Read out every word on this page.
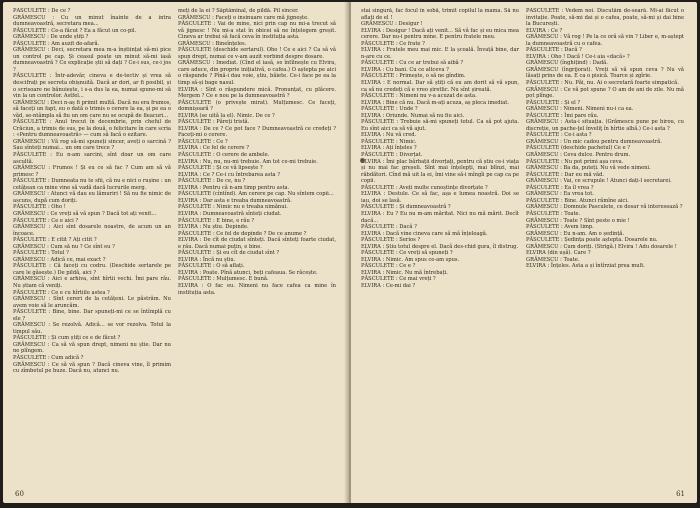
PĂSCULETE : De ce ?

GRĂMESCU : Cu un minut înainte de a intra dumneavoastră, secretara mea...

PĂSCULETE : Ce-a făcut ? Ea a făcut un co-pil.

GRĂMESCU : De unde știți ?

PĂSCULETE : Am auzit de-afară.

GRĂMESCU : Deci, secretara mea m-a înștiințat să-mi pice un control pe cap. Și ceasul poate un minut să-mi iasă dumneavoastră ? Ce explicație știi să dați ? Ce-i sus, ce-i jos ?

PĂSCULETE : Într-adevăr, cineva e de-tectiv și vrea să descifrați pe secreta obișnuită. Dacă ar dori, ar fi posibil, și o scrisoare ne bănuiește, i s-a dus la ea, numai spune-mi să vin la un controlor. Astfel...

GRĂMESCU : Deci n-aș fi primit multă. Dacă nu era frumos, să faceți un fapt, eu o dată o trimis o cerere la ea, și pe ea o văd, se-ntâmpla să fiu un om care nu se ocupă de fleacuri...

PĂSCULETE : Anul trecut în decembrie, prin cheful de Crăciun, a trimis de sus, pe la două, o felicitare în care scria : «Pentru dumneavoastră» — cum să facă o ezitare.

GRĂMESCU : Vă rog să-mi spuneți sincer, aveți o sarcină ? Sau sînteți numai... un om care trece ?

PĂSCULETE : Eu n-am sarcini, sînt doar un om care ascultă.

GRĂMESCU : Frumos ! Și eu ce să fac ? Cum am să vă primesc ?

PĂSCULETE : Dumneata nu te sfii, că nu e nici o rușine : un cetățean ca mine vine să vadă dacă lucrurile merg.

GRĂMESCU : Atunci vă dau eu lămuriri ! Să nu fie nimic de ascuns, după cum doriți.

PĂSCULETE : Oho !

GRĂMESCU : Ce vreți să vă spun ? Dacă tot ați venit...

PĂSCULETE : Ce e aici ?

GRĂMESCU : Aici sînt dosarele noastre, de acum un an încoace.

PĂSCULETE : E citit ? Ați citit ?

GRĂMESCU : Cum să nu ? Ce sînt eu ?

PĂSCULETE : Totul ?

GRĂMESCU : Adică ce, mai exact ?

PĂSCULETE : Că faceți cu codru. (Deschide sertarele pe care le găsește.) De pildă, aici ?

GRĂMESCU : Aici e arhiva, sînt hîrtii vechi. Îmi pare rău. Nu știam că veniți.

PĂSCULETE : Ce e cu hîrtiile astea ?

GRĂMESCU : Sînt cereri de la cetățeni. Le păstrăm. Nu avem voie să le aruncăm.

PĂSCULETE : Bine, bine. Dar spuneți-mi ce se întîmplă cu ele ?

GRĂMESCU : Se rezolvă. Adică... se vor rezolva. Totul la timpul său.

PĂSCULETE : Și cum știți ce e de făcut ?

GRĂMESCU : Ca să vă spun drept, nimeni nu știe. Dar nu ne plîngem.

PĂSCULETE : Cum adică ?

GRĂMESCU : Ce să vă spun ? Dacă cineva vine, îl primim cu zîmbetul pe buze. Dacă nu, atunci nu.

meți de la ei ? Săptămînal, de pildă. Pil sincer.

GRĂMESCU : Faceți o insinuare care mă jignește.

PĂSCULETE : Vai de mine, nici prin cap nu mi-a trecut să vă jignesc ! Nu mi-a stat în obicei să ne înțelegem greșit. Cineva ar trebui să facă ceva în instituția asta.

GRĂMESCU : Bineînțeles.

PĂSCULETE (deschide sertarul). Oho ! Ce e aici ? Ca să vă spun drept, numai ce v-am auzit vorbind despre dosare.

GRĂMESCU : Imediat. (Cînd el iasă, se întîlnește cu Elvira, care aduce, din proprie inițiativă, o cafea.) O aștepta pe aici o răspunde ? Pînă-i dau voie, știu, băiete. Ce-i face pe ea la timp să-și bage nasul.

ELVIRA : Sînt o răspundere mică. Pronunțat, cu plăcere. Mergem ? Ce e nou pe la dumneavoastră ?

PĂSCULETE (o privește mirat). Mulțumesc. Ce faceți, domnișoară ?

ELVIRA (se uită la el). Nimic. De ce ?

PĂSCULETE : Păreți tristă.

ELVIRA : De ce ? Ce pot face ? Dumneavoastră ce credeți ? Faceți-mi o cerere.

PĂSCULETE : Ce ?

ELVIRA : Ce fel de cerere ?

PĂSCULETE : O cerere de ambele.

ELVIRA : Nu, nu, nu-mi trebuie. Am tot ce-mi trebuie.

PĂSCULETE : Și ce vă lipsește ?

ELVIRA : Ce ? Ce-i cu întrebarea asta ?

PĂSCULETE : De ce, nu ?

ELVIRA : Pentru că n-am timp pentru asta.

PĂSCULETE (cîntînd). Am cerere pe cap. Nu sîntem copii...

ELVIRA : Dar asta e treaba dumneavoastră.

PĂSCULETE : Nimic nu e treaba nimănui.

ELVIRA : Dumneavoastră sînteți ciudat.

PĂSCULETE : E bine, e rău ?

ELVIRA : Nu știu. Depinde.

PĂSCULETE : Ce fel de depinde ? De ce anume ?

ELVIRA : De cît de ciudat sînteți. Dacă sînteți foarte ciudat, e rău. Dacă numai puțin, e bine.

PĂSCULETE : Și eu cît de ciudat sînt ?

ELVIRA : Încă nu știu.

PĂSCULETE : O să aflați.

ELVIRA : Poate. Pînă atunci, beți cafeaua. Se răcește.

PĂSCULETE : Mulțumesc. E bună.

ELVIRA : O fac eu. Nimeni nu face cafea ca mine în instituția asta.

60

stai singură, fac focul în sobă, trimit copilul la mama. Să nu aflați de el !

GRĂMESCU : Desigur !

ELVIRA : Desigur ! Dacă ați venit... Să vă fac și eu mica mea cerere. Dar nu-i pentru mine. E pentru fratele meu.

PĂSCULETE : Ce frate ?

ELVIRA : Fratele meu mai mic. E la școală. Învață bine, dar n-are cu ce.

PĂSCULETE : Cu ce ar trebui să aibă ?

ELVIRA : Cu bani. Cu ce altceva ?

PĂSCULETE : Primește, o să ne gîndim.

ELVIRA : E normal. Dar să știți că eu am dorit să vă spun, ca să nu credeți că e vreo șiretlic. Nu sînt șireată.

PĂSCULETE : Nimeni nu v-a acuzat de asta.

ELVIRA : Bine că nu. Dacă m-ați acuza, aș pleca imediat.

PĂSCULETE : Unde ?

ELVIRA : Oriunde. Numai să nu fiu aici.

PĂSCULETE : Trebuie să-mi spuneți totul. Ca să pot ajuta. Eu sînt aici ca să vă ajut.

ELVIRA : Nu vă cred.

PĂSCULETE : Nimic.

ELVIRA : Ați înțeles ?

PĂSCULETE : Divorțat.

ELVIRA : Îmi plac bărbații divorțați, pentru că știu ce-i viața și nu mai fac greșeli. Sînt mai înțelepți, mai blînzi, mai răbdători. Cînd mă uit la ei, îmi vine să-i mîngîi pe cap ca pe copii.

PĂSCULETE : Aveți multe cunoștințe divorțate ?

ELVIRA : Destule. Ce să fac, așa e lumea noastră. Doi se iau, doi se lasă.

PĂSCULETE : Și dumneavoastră ?

ELVIRA : Eu ? Eu nu m-am măritat. Nici nu mă mărit. Decît dacă...

PĂSCULETE : Dacă ?

ELVIRA : Dacă vine cineva care să mă înțeleagă.

PĂSCULETE : Serios ?

ELVIRA : Știu totul despre el. Dacă des-chid gura, îl distrug.

PĂSCULETE : Ce vreți să spuneți ?

ELVIRA : Nimic. Am spus ce-am spus.

PĂSCULETE : Ce e ?

ELVIRA : Nimic. Nu mă întrebați.

PĂSCULETE : Ce mai vreți ?

ELVIRA : Ce-mi dai ?

PĂSCULETE : Vedem noi. Discutăm de-seară. Mi-ai făcut o invitație. Poate, să-mi dai și o cafea, poate, să-mi și dai bine la București.

ELVIRA : Ce ?

GRĂMESCU : Vă rog ! Pe la ce oră să vin ? Liber e, m-aștept la dumneavoastră cu o cafea.

PĂSCULETE : Dacă ?

ELVIRA : Oho ! Dacă ! Ce-i aia «dacă» ?

GRĂMESCU (înghițind) : Dadă.

GRĂMESCU (îngrijorat). Vreți să vă spun ceva ? Nu vă lăsați prins de ea. E ca o pisică. Toarce și zgîrie.

PĂSCULETE : Nu. Păi, nu. Ai o secretară foarte simpatică.

GRĂMESCU : Ce vă pot spune ? O am de ani de zile. Nu mă pot plînge.

PĂSCULETE : Și el ?

GRĂMESCU : Nimeni. Nimeni nu-i ca ea.

PĂSCULETE : Îmi pare rău.

GRĂMESCU : Asta-i situația. (Grămescu pune pe birou, cu discreție, un pache-ţel înveliţ în hîrtie albă.) Ce-i asta ?

PĂSCULETE : Ce-i asta ?

GRĂMESCU : Un mic cadou pentru dumneavoastră.

PĂSCULETE (deschide pachetul) Ce e ?

GRĂMESCU : Ceva dulce. Pentru drum.

PĂSCULETE : Nu pot primi așa ceva.

GRĂMESCU : Ba da, puteți. Nu vă vede nimeni.

PĂSCULETE : Dar eu mă văd.

GRĂMESCU : Vai, ce scrupule ! Atunci dați-l secretarei.

PĂSCULETE : Ea îl vrea ?

GRĂMESCU : Ea vrea tot.

PĂSCULETE : Bine. Atunci rămîne aici.

GRĂMESCU : Domnule Pasculete, ce dosar vă interesează ?

PĂSCULETE : Toate.

GRĂMESCU : Toate ? Sînt peste o mie !

PĂSCULETE : Avem timp.

GRĂMESCU : Eu n-am. Am o ședință.

PĂSCULETE : Ședința poate aștepta. Dosarele nu.

GRĂMESCU : Cum doriți. (Strigă.) Elvira ! Adu dosarele !

ELVIRA (din ușă). Care ?

GRĂMESCU : Toate.

ELVIRA : Înțeles. Asta a și întîrziat prea mult.

61
